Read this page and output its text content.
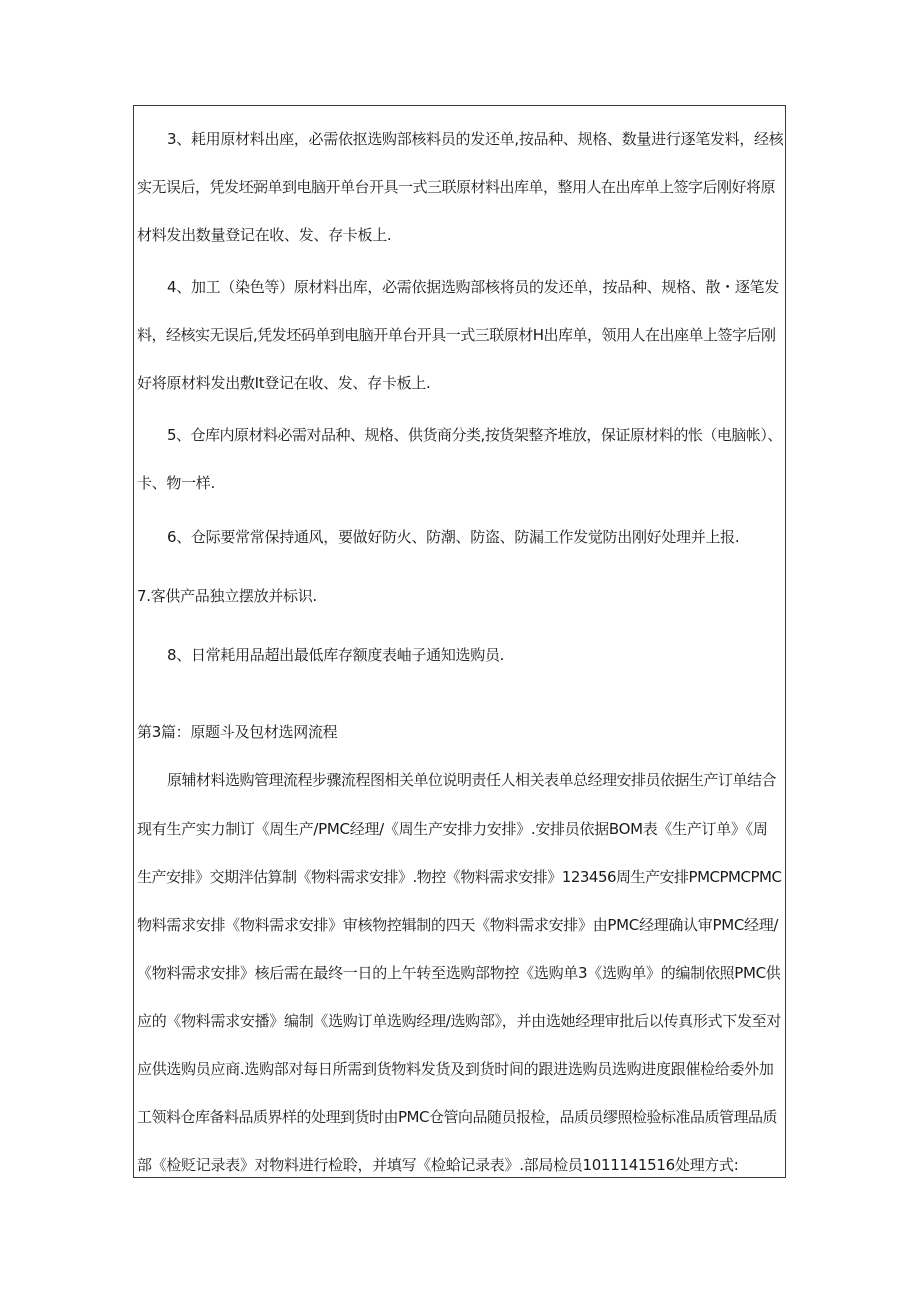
3、耗用原材料出座，必需依抠选购部核料员的发还单,按品种、规格、数量进行逐笔发料，经核
实无误后，凭发坯弼单到电脑开单台开具一式三联原材料出库单，整用人在出库单上签字后刚好将原
材料发出数量登记在收、发、存卡板上.
4、加工（染色等）原材料出库，必需依据选购部核将员的发还单，按品种、规格、散・逐笔发
料，经核实无误后,凭发坯码单到电脑开单台开具一式三联原材H出库单，领用人在出座单上签字后刚
好将原材料发出敷It登记在收、发、存卡板上.
5、仓库内原材料必需对品种、规格、供货商分类,按货架整齐堆放，保证原材料的怅（电脑帐）、
卡、物一样.
6、仓际要常常保持通风，要做好防火、防潮、防盗、防漏工作发觉防出刚好处理并上报.
7.客供产品独立摆放并标识.
8、日常耗用品超出最低库存额度表岫子通知选购员.
第3篇：原题斗及包材选网流程
原辅材料选购管理流程步骤流程图相关单位说明责任人相关表单总经理安排员依据生产订单结合
现有生产实力制订《周生产/PMC经理/《周生产安排力安排》.安排员依据BOM表《生产订单》《周
生产安排》交期泮估算制《物料需求安排》.物控《物料需求安排》123456周生产安排PMCPMCPMC
物料需求安排《物料需求安排》审核物控辑制的四天《物料需求安排》由PMC经理确认审PMC经理/
《物料需求安排》核后需在最终一日的上午转至选购部物控《选购单3《选购单》的编制依照PMC供
应的《物料需求安播》编制《选购订单选购经理/选购部》，并由选她经理审批后以传真形式下发至对
应供选购员应商.选购部对每日所需到货物料发货及到货时间的跟进选购员选购进度跟催检给委外加
工领料仓库备料品质界样的处理到货时由PMC仓管向品随员报检，品质员缪照检验标准品质管理品质
部《检贬记录表》对物料进行检聆，并填写《检蛤记录表》.部局检员1011141516处理方式:
